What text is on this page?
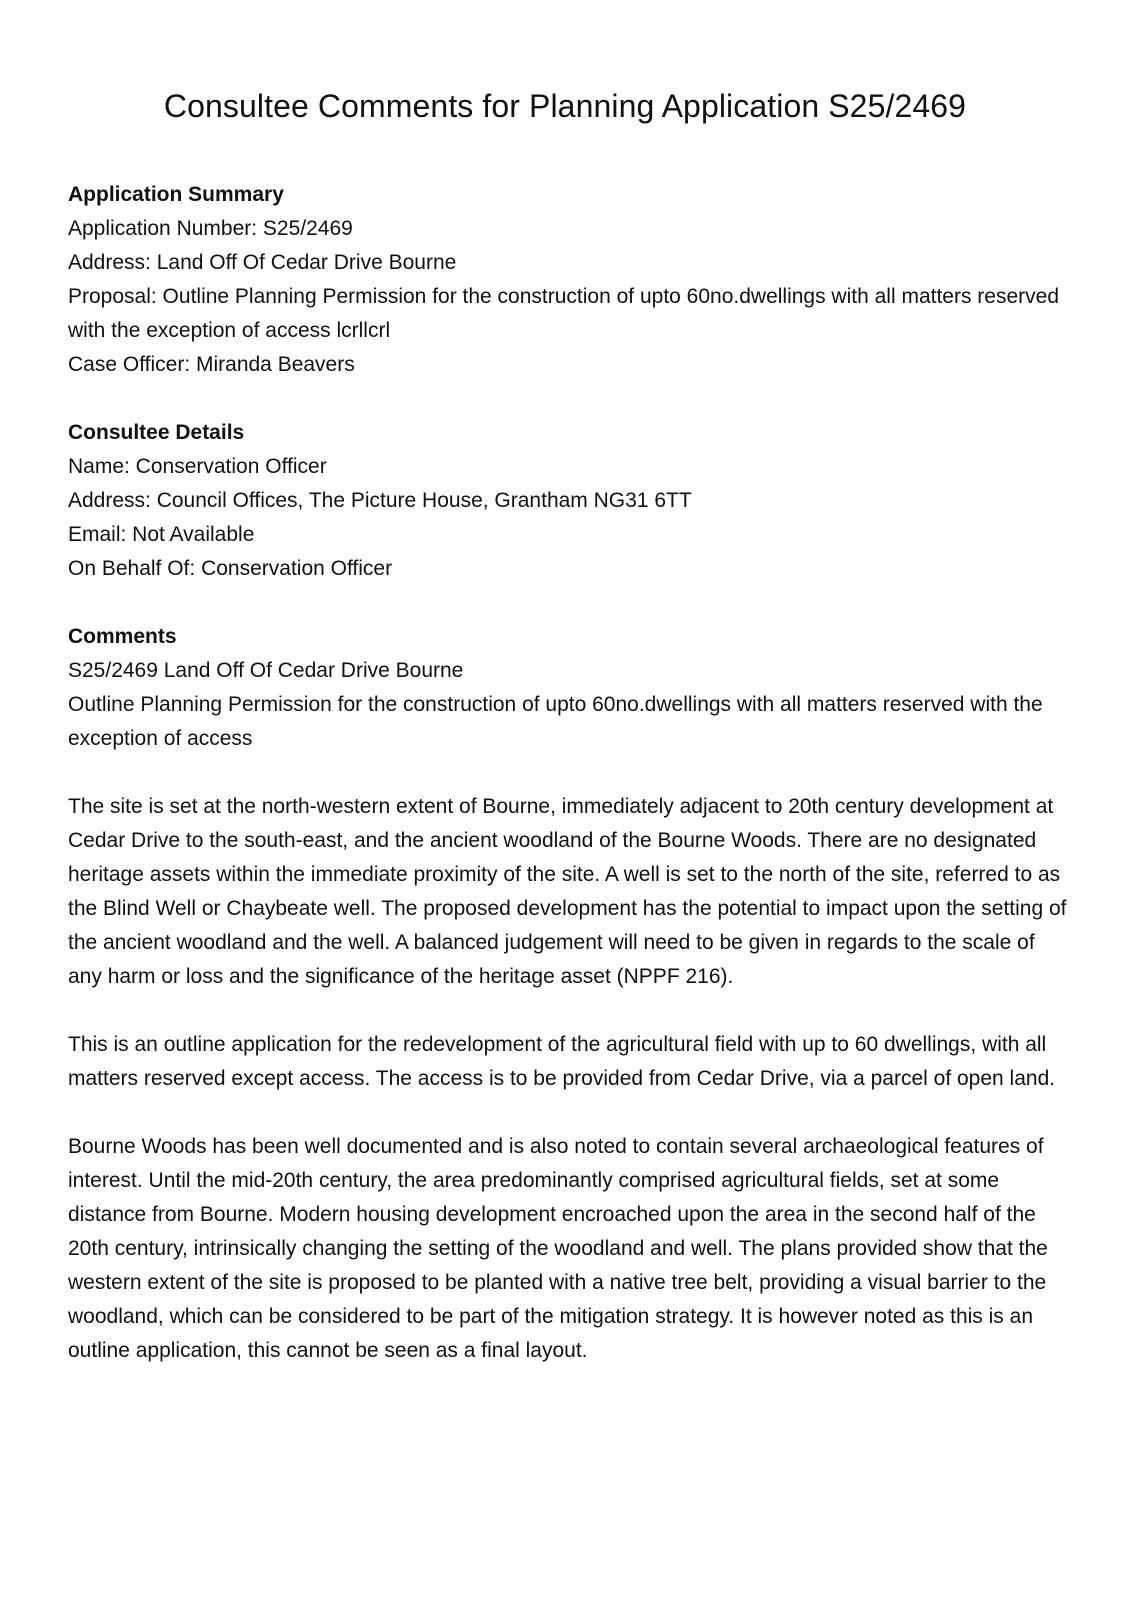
Consultee Comments for Planning Application S25/2469
Application Summary

Application Number: S25/2469

Address: Land Off Of Cedar Drive Bourne

Proposal: Outline Planning Permission for the construction of upto 60no.dwellings with all matters reserved with the exception of access lcrllcrl

Case Officer: Miranda Beavers

Consultee Details

Name: Conservation Officer

Address: Council Offices, The Picture House, Grantham NG31 6TT

Email: Not Available

On Behalf Of: Conservation Officer

Comments

S25/2469 Land Off Of Cedar Drive Bourne

Outline Planning Permission for the construction of upto 60no.dwellings with all matters reserved with the exception of access

The site is set at the north-western extent of Bourne, immediately adjacent to 20th century development at Cedar Drive to the south-east, and the ancient woodland of the Bourne Woods. There are no designated heritage assets within the immediate proximity of the site. A well is set to the north of the site, referred to as the Blind Well or Chaybeate well. The proposed development has the potential to impact upon the setting of the ancient woodland and the well. A balanced judgement will need to be given in regards to the scale of any harm or loss and the significance of the heritage asset (NPPF 216).

This is an outline application for the redevelopment of the agricultural field with up to 60 dwellings, with all matters reserved except access. The access is to be provided from Cedar Drive, via a parcel of open land.

Bourne Woods has been well documented and is also noted to contain several archaeological features of interest. Until the mid-20th century, the area predominantly comprised agricultural fields, set at some distance from Bourne. Modern housing development encroached upon the area in the second half of the 20th century, intrinsically changing the setting of the woodland and well. The plans provided show that the western extent of the site is proposed to be planted with a native tree belt, providing a visual barrier to the woodland, which can be considered to be part of the mitigation strategy. It is however noted as this is an outline application, this cannot be seen as a final layout.
